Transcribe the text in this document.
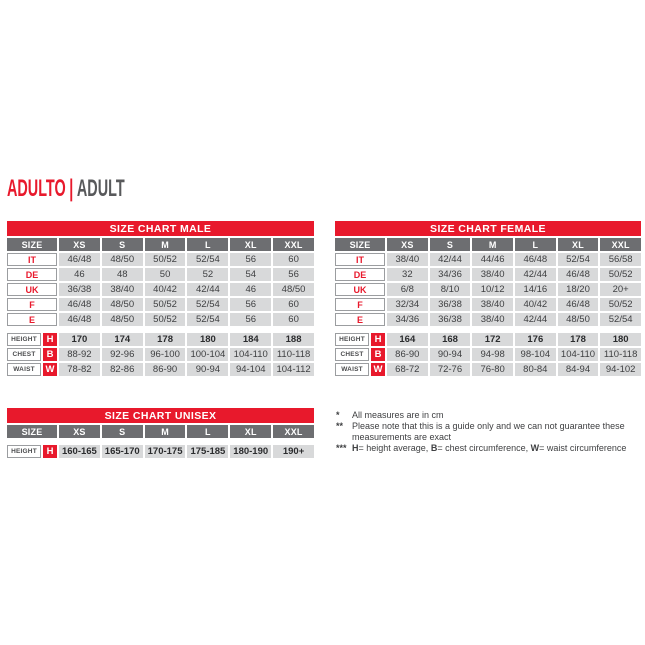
ADULTO | ADULT
SIZE CHART MALE
SIZE	XS	S	M	L	XL	XXL
IT	46/48	48/50	50/52	52/54	56	60
DE	46	48	50	52	54	56
UK	36/38	38/40	40/42	42/44	46	48/50
F	46/48	48/50	50/52	52/54	56	60
E	46/48	48/50	50/52	52/54	56	60
HEIGHT	H	170	174	178	180	184	188
CHEST	B	88-92	92-96	96-100	100-104 104-110 110-118
WAIST	W	78-82	82-86	86-90	90-94	94-104	104-112
SIZE CHART FEMALE
SIZE	XS	S	M	L	XL	XXL
IT	38/40	42/44	44/46	46/48	52/54	56/58
DE	32	34/36	38/40	42/44	46/48	50/52
UK	6/8	8/10	10/12	14/16	18/20	20+
F	32/34	36/38	38/40	40/42	46/48	50/52
E	34/36	36/38	38/40	42/44	48/50	52/54
HEIGHT	H	164	168	172	176	178	180
CHEST	B	86-90	90-94	94-98	98-104	104-110 110-118
WAIST	W	68-72	72-76	76-80	80-84	84-94	94-102
SIZE CHART UNISEX
SIZE	XS	S	M	L	XL	XXL
HEIGHT	H 160-165 165-170 170-175 175-185 180-190	190+
*	All measures are in cm
** Please note that this is a guide only and we can not guarantee these measurements are exact
*** H= height average, B= chest circumference, W= waist circumference
